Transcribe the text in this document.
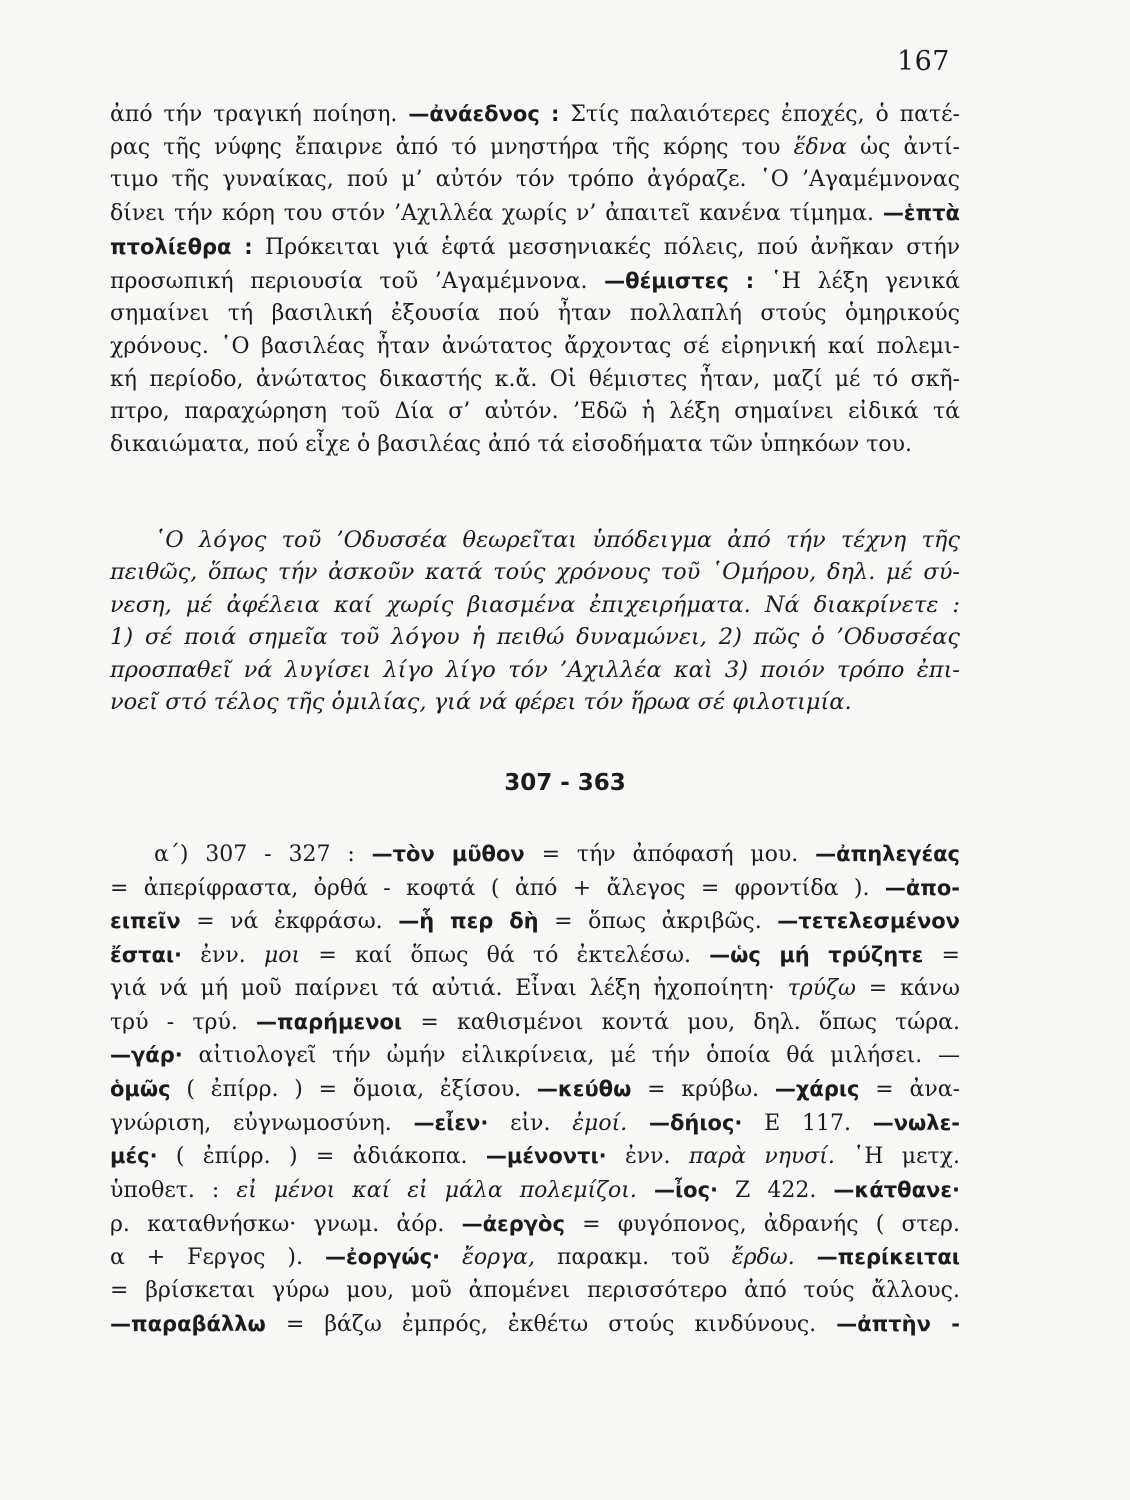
167
ἀπό τήν τραγική ποίηση. —ἀνάεδνος : Στίς παλαιότερες ἐποχές, ὁ πατέ-
ρας τῆς νύφης ἔπαιρνε ἀπό τό μνηστήρα τῆς κόρης του ἕδνα ὡς ἀντί-
τιμο τῆς γυναίκας, πού μ’ αὐτόν τόν τρόπο ἀγόραζε. ῾Ο ’Αγαμέμνονας
δίνει τήν κόρη του στόν ’Αχιλλέα χωρίς ν’ ἀπαιτεῖ κανένα τίμημα. —ἑπτὰ
πτολίεθρα : Πρόκειται γιά ἑφτά μεσσηνιακές πόλεις, πού ἀνῆκαν στήν
προσωπική περιουσία τοῦ ’Αγαμέμνονα. —θέμιστες : ῾Η λέξη γενικά
σημαίνει τή βασιλική ἐξουσία πού ἦταν πολλαπλή στούς ὁμηρικούς
χρόνους. ῾Ο βασιλέας ἦταν ἀνώτατος ἄρχοντας σέ εἰρηνική καί πολεμι-
κή περίοδο, ἀνώτατος δικαστής κ.ἄ. Οἱ θέμιστες ἦταν, μαζί μέ τό σκῆ-
πτρο, παραχώρηση τοῦ Δία σ’ αὐτόν. ’Εδῶ ἡ λέξη σημαίνει εἰδικά τά
δικαιώματα, πού εἶχε ὁ βασιλέας ἀπό τά εἰσοδήματα τῶν ὑπηκόων του.
῾Ο λόγος τοῦ ’Οδυσσέα θεωρεῖται ὑπόδειγμα ἀπό τήν τέχνη τῆς
πειθῶς, ὅπως τήν ἀσκοῦν κατά τούς χρόνους τοῦ ῾Ομήρου, δηλ. μέ σύ-
νεση, μέ ἀφέλεια καί χωρίς βιασμένα ἐπιχειρήματα. Νά διακρίνετε :
1) σέ ποιά σημεῖα τοῦ λόγου ἡ πειθώ δυναμώνει, 2) πῶς ὁ ’Οδυσσέας
προσπαθεῖ νά λυγίσει λίγο λίγο τόν ’Αχιλλέα καὶ 3) ποιόν τρόπο ἐπι-
νοεῖ στό τέλος τῆς ὁμιλίας, γιά νά φέρει τόν ἥρωα σέ φιλοτιμία.
307 - 363
α΄) 307 - 327 : —τὸν μῦθον = τήν ἀπόφασή μου. —ἀπηλεγέας
= ἀπερίφραστα, ὀρθά - κοφτά ( ἀπό + ἄλεγος = φροντίδα ). —ἀπο-
ειπεῖν = νά ἐκφράσω. —ἧ περ δὴ = ὅπως ἀκριβῶς. —τετελεσμένον
ἔσται· ἐνν. μοι = καί ὅπως θά τό ἐκτελέσω. —ὡς μή τρύζητε =
γιά νά μή μοῦ παίρνει τά αὐτιά. Εἶναι λέξη ἠχοποίητη· τρύζω = κάνω
τρύ - τρύ. —παρήμενοι = καθισμένοι κοντά μου, δηλ. ὅπως τώρα.
—γάρ· αἰτιολογεῖ τήν ὠμήν εἰλικρίνεια, μέ τήν ὁποία θά μιλήσει. —
ὁμῶς ( ἐπίρρ. ) = ὅμοια, ἐξίσου. —κεύθω = κρύβω. —χάρις = ἀνα-
γνώριση, εὐγνωμοσύνη. —εἶεν· εἰν. ἐμοί. —δήιος· Ε 117. —νωλε-
μές· ( ἐπίρρ. ) = ἀδιάκοπα. —μένοντι· ἐνν. παρὰ νηυσί. ῾Η μετχ.
ὑποθετ. : εἰ μένοι καί εἰ μάλα πολεμίζοι. —ἶος· Ζ 422. —κάτθανε·
ρ. καταθνήσκω· γνωμ. ἀόρ. —ἀεργὸς = φυγόπονος, ἀδρανής ( στερ.
α + Fεργος ). —ἐοργώς· ἔοργα, παρακμ. τοῦ ἔρδω. —περίκειται
= βρίσκεται γύρω μου, μοῦ ἀπομένει περισσότερο ἀπό τούς ἄλλους.
—παραβάλλω = βάζω ἐμπρός, ἐκθέτω στούς κινδύνους. —ἀπτὴν -
